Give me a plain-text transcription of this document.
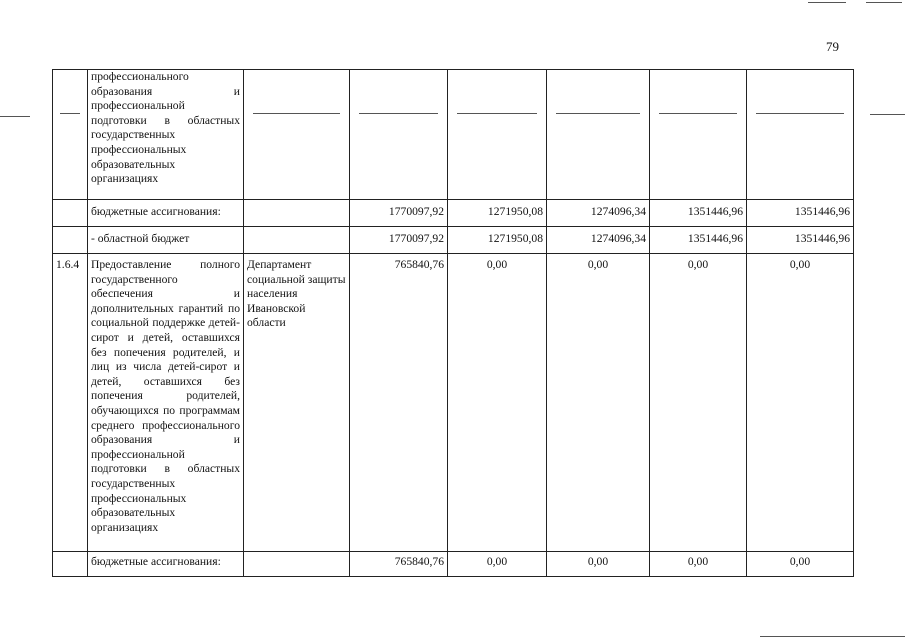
79
	профессионального образования и профессиональной подготовки в областных государственных профессиональных образовательных организациях	

	бюджетные ассигнования:		1770097,92	1271950,08	1274096,34	1351446,96	1351446,96
	- областной бюджет		1770097,92	1271950,08	1274096,34	1351446,96	1351446,96
1.6.4	Предоставление полного государственного обеспечения и дополнительных гарантий по социальной поддержке детей-сирот и детей, оставшихся без попечения родителей, и лиц из числа детей-сирот и детей, оставшихся без попечения родителей, обучающихся по программам среднего профессионального образования и профессиональной подготовки в областных государственных профессиональных образовательных организациях	Департамент социальной защиты населения Ивановской области	765840,76	0,00	0,00	0,00	0,00
	бюджетные ассигнования:		765840,76	0,00	0,00	0,00	0,00
